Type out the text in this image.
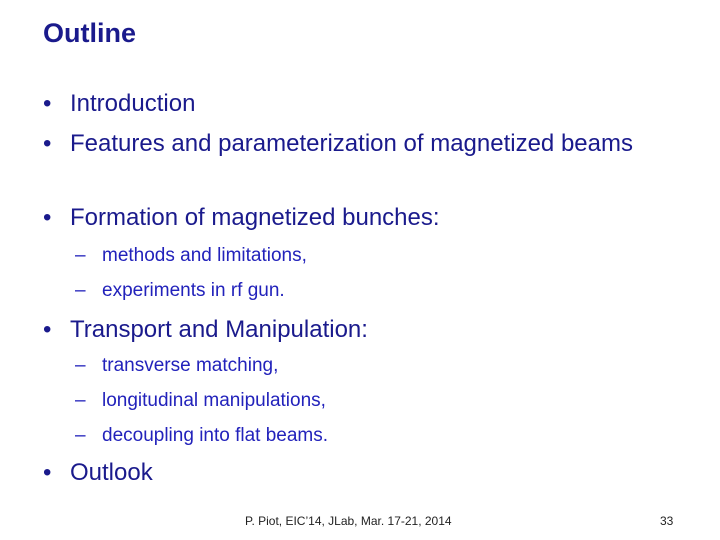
Outline
• Introduction
• Features and parameterization of magnetized beams
• Formation of magnetized bunches:
– methods and limitations,
– experiments in rf gun.
• Transport and Manipulation:
– transverse matching,
– longitudinal manipulations,
– decoupling into flat beams.
• Outlook
P. Piot, EIC’14, JLab, Mar. 17-21, 2014	33
